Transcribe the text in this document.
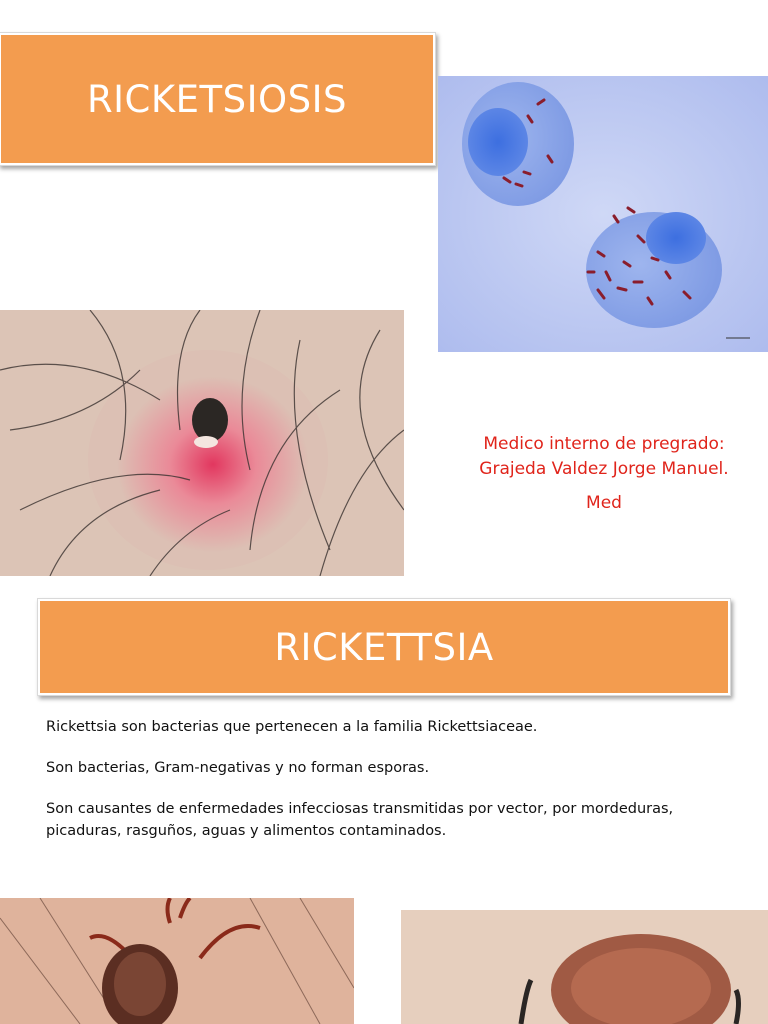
RICKETSIOSIS
Medico interno de pregrado:
Grajeda Valdez Jorge Manuel.
Med
RICKETTSIA

Rickettsia son bacterias que pertenecen a la familia Rickettsiaceae.

Son bacterias, Gram-negativas y no forman esporas.

Son causantes de enfermedades infecciosas transmitidas por vector, por mordeduras, picaduras, rasguños, aguas y alimentos contaminados.
